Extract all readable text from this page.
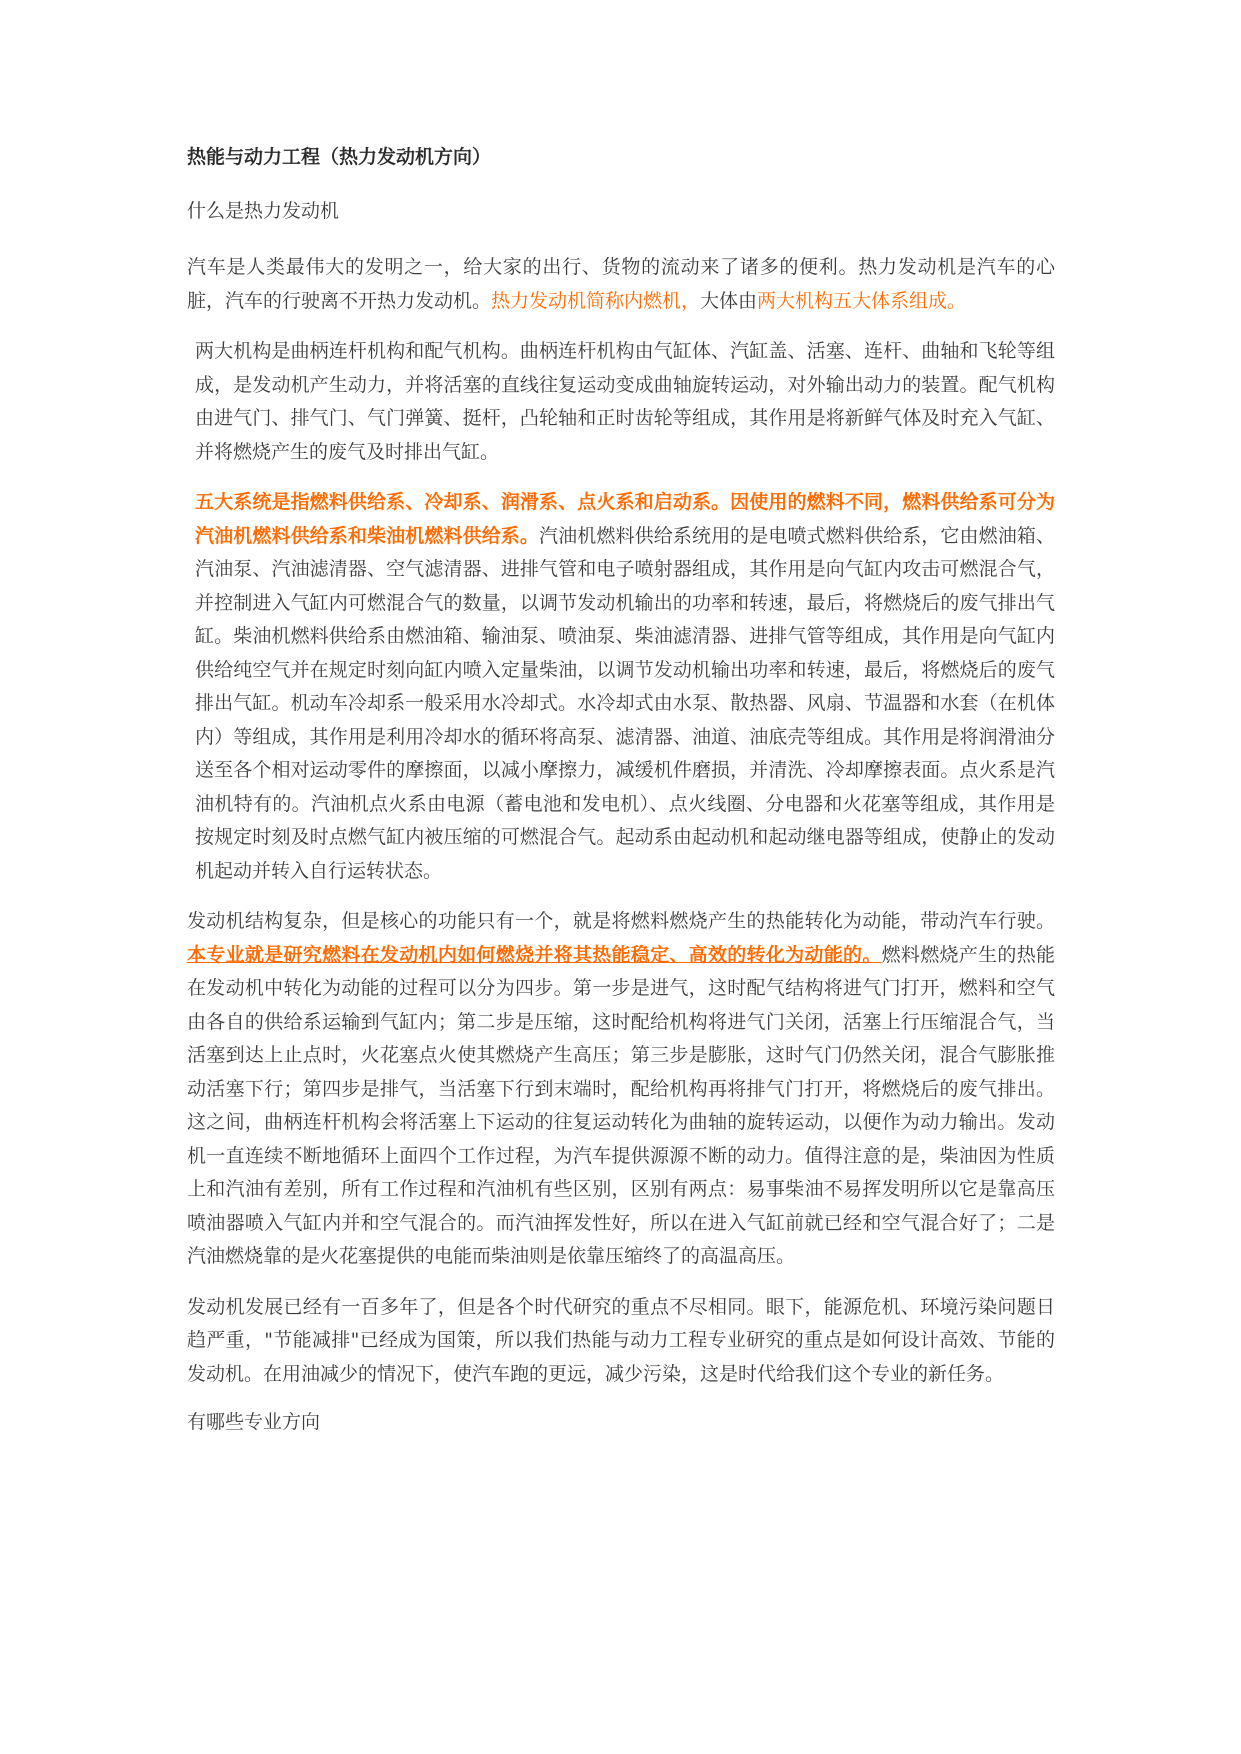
热能与动力工程（热力发动机方向）
什么是热力发动机

汽车是人类最伟大的发明之一，给大家的出行、货物的流动来了诸多的便利。热力发动机是汽车的心脏，汽车的行驶离不开热力发动机。热力发动机简称内燃机，大体由两大机构五大体系组成。

两大机构是曲柄连杆机构和配气机构。曲柄连杆机构由气缸体、汽缸盖、活塞、连杆、曲轴和飞轮等组成，是发动机产生动力，并将活塞的直线往复运动变成曲轴旋转运动，对外输出动力的装置。配气机构由进气门、排气门、气门弹簧、挺杆，凸轮轴和正时齿轮等组成，其作用是将新鲜气体及时充入气缸、并将燃烧产生的废气及时排出气缸。

五大系统是指燃料供给系、冷却系、润滑系、点火系和启动系。因使用的燃料不同，燃料供给系可分为汽油机燃料供给系和柴油机燃料供给系。汽油机燃料供给系统用的是电喷式燃料供给系，它由燃油箱、汽油泵、汽油滤清器、空气滤清器、进排气管和电子喷射器组成，其作用是向气缸内攻击可燃混合气，并控制进入气缸内可燃混合气的数量，以调节发动机输出的功率和转速，最后，将燃烧后的废气排出气缸。柴油机燃料供给系由燃油箱、输油泵、喷油泵、柴油滤清器、进排气管等组成，其作用是向气缸内供给纯空气并在规定时刻向缸内喷入定量柴油，以调节发动机输出功率和转速，最后，将燃烧后的废气排出气缸。机动车冷却系一般采用水冷却式。水冷却式由水泵、散热器、风扇、节温器和水套（在机体内）等组成，其作用是利用冷却水的循环将高泵、滤清器、油道、油底壳等组成。其作用是将润滑油分送至各个相对运动零件的摩擦面，以减小摩擦力，减缓机件磨损，并清洗、冷却摩擦表面。点火系是汽油机特有的。汽油机点火系由电源（蓄电池和发电机）、点火线圈、分电器和火花塞等组成，其作用是按规定时刻及时点燃气缸内被压缩的可燃混合气。起动系由起动机和起动继电器等组成，使静止的发动机起动并转入自行运转状态。

发动机结构复杂，但是核心的功能只有一个，就是将燃料燃烧产生的热能转化为动能，带动汽车行驶。本专业就是研究燃料在发动机内如何燃烧并将其热能稳定、高效的转化为动能的。燃料燃烧产生的热能在发动机中转化为动能的过程可以分为四步。第一步是进气，这时配气结构将进气门打开，燃料和空气由各自的供给系运输到气缸内；第二步是压缩，这时配给机构将进气门关闭，活塞上行压缩混合气，当活塞到达上止点时，火花塞点火使其燃烧产生高压；第三步是膨胀，这时气门仍然关闭，混合气膨胀推动活塞下行；第四步是排气，当活塞下行到末端时，配给机构再将排气门打开，将燃烧后的废气排出。这之间，曲柄连杆机构会将活塞上下运动的往复运动转化为曲轴的旋转运动，以便作为动力输出。发动机一直连续不断地循环上面四个工作过程，为汽车提供源源不断的动力。值得注意的是，柴油因为性质上和汽油有差别，所有工作过程和汽油机有些区别，区别有两点：易事柴油不易挥发明所以它是靠高压喷油器喷入气缸内并和空气混合的。而汽油挥发性好，所以在进入气缸前就已经和空气混合好了；二是汽油燃烧靠的是火花塞提供的电能而柴油则是依靠压缩终了的高温高压。

发动机发展已经有一百多年了，但是各个时代研究的重点不尽相同。眼下，能源危机、环境污染问题日趋严重，"节能减排"已经成为国策，所以我们热能与动力工程专业研究的重点是如何设计高效、节能的发动机。在用油减少的情况下，使汽车跑的更远，减少污染，这是时代给我们这个专业的新任务。

有哪些专业方向
